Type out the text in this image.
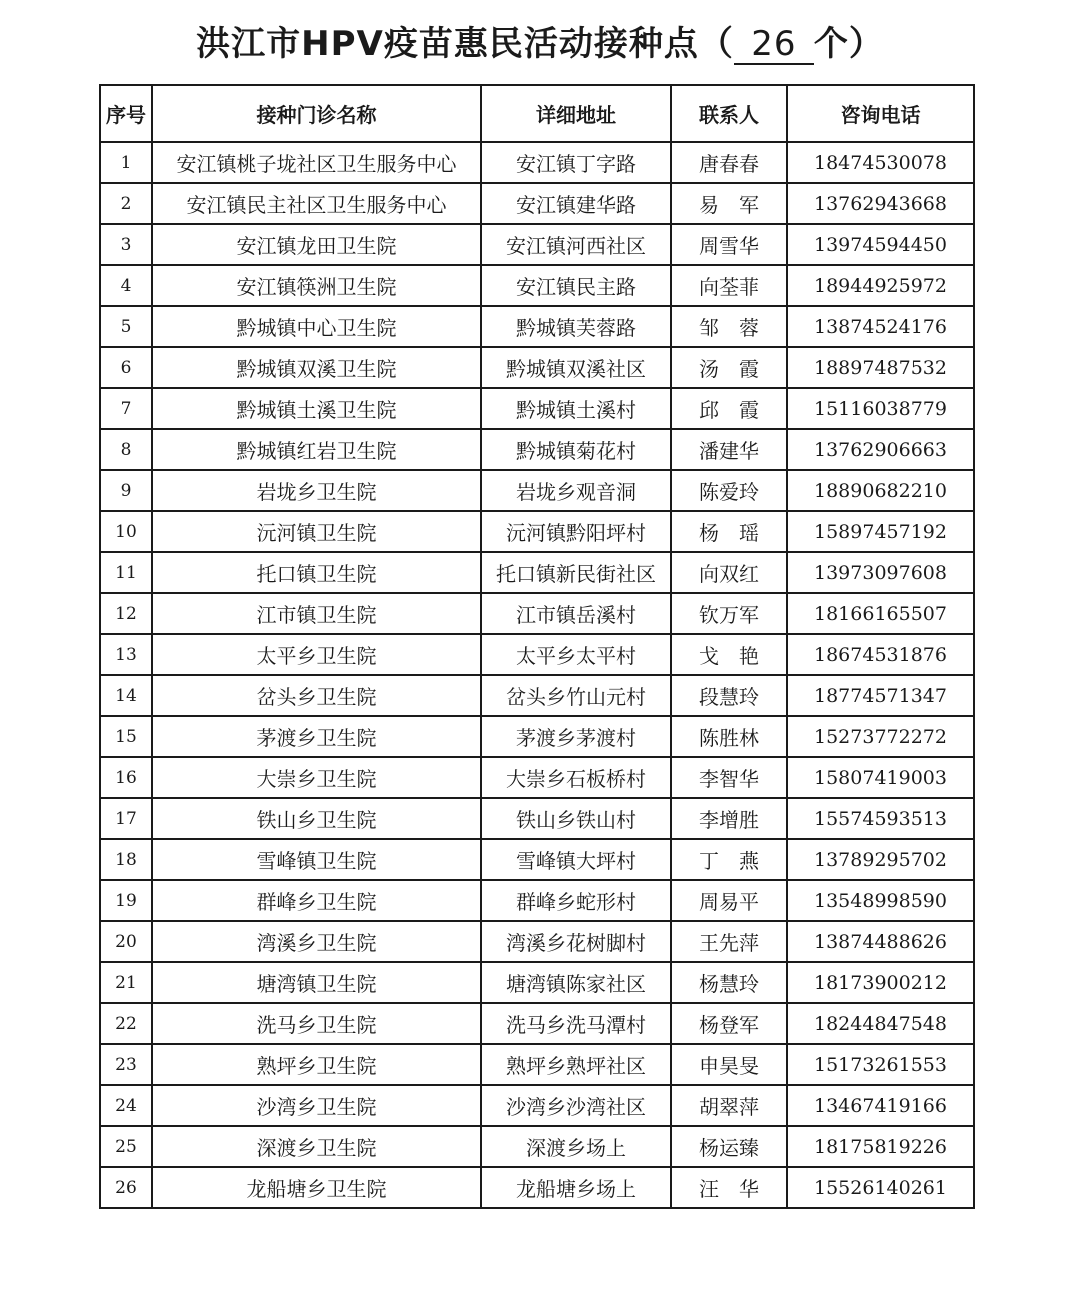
洪江市HPV疫苗惠民活动接种点（ 26 个）
序号	接种门诊名称	详细地址	联系人	咨询电话
1	安江镇桃子垅社区卫生服务中心	安江镇丁字路	唐春春	18474530078
2	安江镇民主社区卫生服务中心	安江镇建华路	易　军	13762943668
3	安江镇龙田卫生院	安江镇河西社区	周雪华	13974594450
4	安江镇筷洲卫生院	安江镇民主路	向荃菲	18944925972
5	黔城镇中心卫生院	黔城镇芙蓉路	邹　蓉	13874524176
6	黔城镇双溪卫生院	黔城镇双溪社区	汤　霞	18897487532
7	黔城镇土溪卫生院	黔城镇土溪村	邱　霞	15116038779
8	黔城镇红岩卫生院	黔城镇菊花村	潘建华	13762906663
9	岩垅乡卫生院	岩垅乡观音洞	陈爱玲	18890682210
10	沅河镇卫生院	沅河镇黔阳坪村	杨　瑶	15897457192
11	托口镇卫生院	托口镇新民街社区	向双红	13973097608
12	江市镇卫生院	江市镇岳溪村	钦万军	18166165507
13	太平乡卫生院	太平乡太平村	戈　艳	18674531876
14	岔头乡卫生院	岔头乡竹山元村	段慧玲	18774571347
15	茅渡乡卫生院	茅渡乡茅渡村	陈胜林	15273772272
16	大崇乡卫生院	大崇乡石板桥村	李智华	15807419003
17	铁山乡卫生院	铁山乡铁山村	李增胜	15574593513
18	雪峰镇卫生院	雪峰镇大坪村	丁　燕	13789295702
19	群峰乡卫生院	群峰乡蛇形村	周易平	13548998590
20	湾溪乡卫生院	湾溪乡花树脚村	王先萍	13874488626
21	塘湾镇卫生院	塘湾镇陈家社区	杨慧玲	18173900212
22	洗马乡卫生院	洗马乡洗马潭村	杨登军	18244847548
23	熟坪乡卫生院	熟坪乡熟坪社区	申昊旻	15173261553
24	沙湾乡卫生院	沙湾乡沙湾社区	胡翠萍	13467419166
25	深渡乡卫生院	深渡乡场上	杨运臻	18175819226
26	龙船塘乡卫生院	龙船塘乡场上	汪　华	15526140261
